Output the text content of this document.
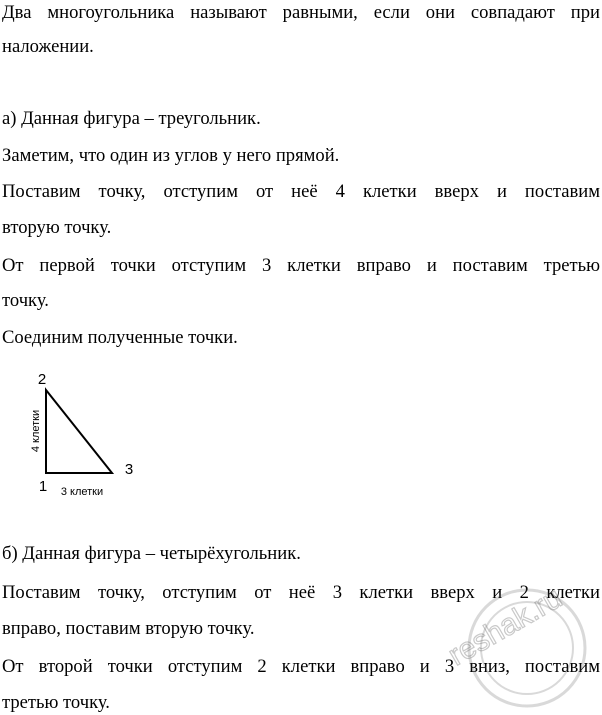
Два многоугольника называют равными, если они совпадают при
наложении.
а) Данная фигура – треугольник.
Заметим, что один из углов у него прямой.
Поставим точку, отступим от неё 4 клетки вверх и поставим
вторую точку.
От первой точки отступим 3 клетки вправо и поставим третью
точку.
Соединим полученные точки.
2
1
3
4 клетки
3 клетки
б) Данная фигура – четырёхугольник.
Поставим точку, отступим от неё 3 клетки вверх и 2 клетки
вправо, поставим вторую точку.
От второй точки отступим 2 клетки вправо и 3 вниз, поставим
третью точку.
reshak.ru
